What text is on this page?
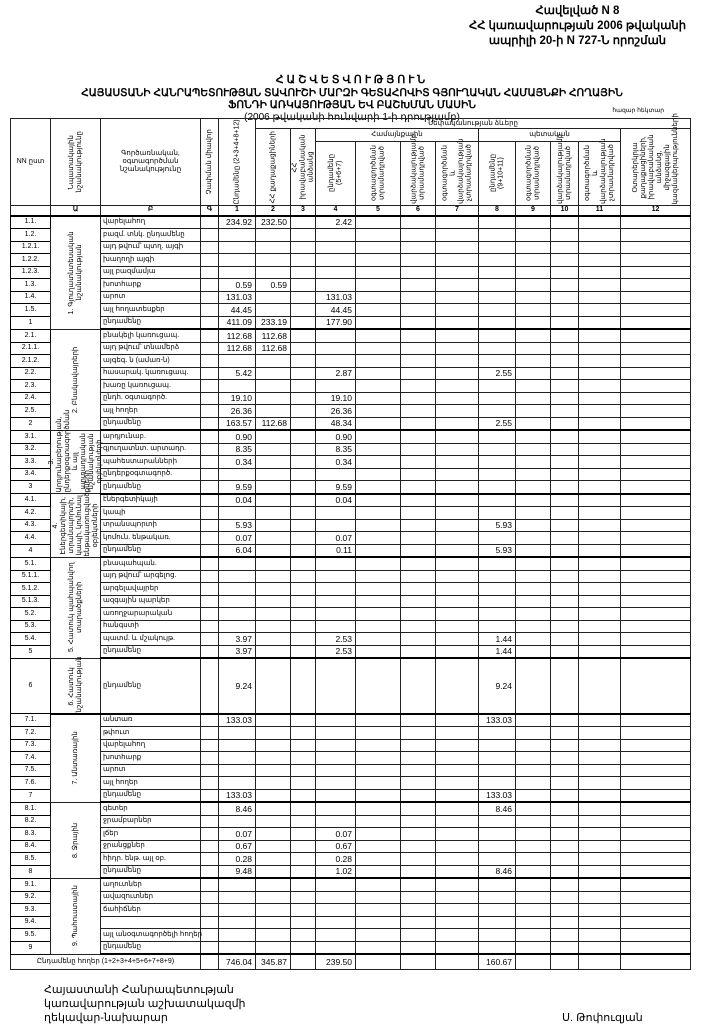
Հավելված N 8
ՀՀ կառավարության 2006 թվականի
ապրիլի 20-ի N 727-Ն որոշման
ՀԱՇՎԵՏՎՈՒԹՅՈՒՆ
ՀԱՅԱՍՏԱՆԻ ՀԱՆՐԱՊԵՏՈՒԹՅԱՆ ՏԱՎՈՒՇԻ ՄԱՐԶԻ ԳԵՏԱՀՈՎԻՏ ԳՅՈՒՂԱԿԱՆ ՀԱՄԱՅՆՔԻ ՀՈՂԱՅԻՆ
ՖՈՆԴԻ ԱՌԿԱՅՈՒԹՅԱՆ ԵՎ ԲԱՇԽՄԱՆ ՄԱՍԻՆ
(2006 թվականի հունվարի 1-ի դրությամբ)
հազար հեկտար
NN ըստ	Նպատակային նշանակությունը	Գործառնական, օգտագործման նշանակությունը	Չափման միավոր	Ընդամենը (2+3+4+8+12)	Սեփականության ձևերը										
					ՀՀ քաղաքացիների	ՀՀ իրավաբանական անձանց	Համայնքային				պետական				Օտարերկրյա քաղաքացիների, իրավաբանական անձանց, միջազգային կազմակերպությունների
							ընդամենը (5+6+7)	օգտագործման տրամադրված	վարձակալությամբ տրամադրված	օգտագործման և վարձակալության չտրամադրված	ընդամենը (9+10+11)	օգտագործման տրամադրված	վարձակալությամբ տրամադրված	օգտագործման և վարձակալության չտրամադրված	
	Ա	Բ	Գ	1	2	3	4	5	6	7	8	9	10	11	12
1.1.	1. Գյուղատնտեսական նշանակության	վարելահող		234.92	232.50		2.42								
1.2.		բազմ. տնկ. ընդամենը													
1.2.1.		այդ թվում՝ պտղ. այգի													
1.2.2.		խաղողի այգի													
1.2.3.		այլ բազմամյա													
1.3.		խոտհարք		0.59	0.59										
1.4.		արոտ		131.03			131.03								
1.5.		այլ հողատեսքեր		44.45			44.45								
1		ընդամենը		411.09	233.19		177.90								
2.1.	2. Բնակավայրերի	բնակելի կառուցապ.		112.68	112.68										
2.1.1.		այդ թվում՝ տնամերձ		112.68	112.68										
2.1.2.		այգեգ. ն (ամառ-ն)													
2.2.		հասարակ. կառուցապ.		5.42			2.87				2.55				
2.3.		խառը կառուցապ.													
2.4.		ընդհ. օգտագործ.		19.10			19.10								
2.5.		այլ հողեր		26.36			26.36								
2		ընդամենը		163.57	112.68		48.34				2.55				
3.1.	3. Արդյունաբերության, ընդերքօգտագործման և այլ արտադրական նշանակության օբյեկտների	արդյունաբ.		0.90			0.90								
3.2.		գյուղատնտ. արտադր.		8.35			8.35								
3.3.		պահեստարանների		0.34			0.34								
3.4.		ընդերքօգտագործ.													
3		ընդամենը		9.59			9.59								
4.1.	4. Էներգետիկայի, տրանսպորտի, կապի, կոմունալ ենթակառուցվածքների օբյեկտների	էներգետիկայի		0.04			0.04								
4.2.		կապի													
4.3.		տրանսպորտի		5.93							5.93				
4.4.		կոմուն. ենթակառ.		0.07			0.07								
4		ընդամենը		6.04			0.11				5.93				
5.1.	5. Հատուկ պահպանվող տարածքների	բնապահպան.													
5.1.1.		այդ թվում՝ արգելոց.													
5.1.2.		արգելավայրեր													
5.1.3.		ազգային պարկեր													
5.2.		առողջարարական													
5.3.		հանգստի													
5.4.		պատմ. և մշակույթ.		3.97			2.53				1.44				
5		ընդամենը		3.97			2.53				1.44				
6	6. Հատուկ նշանակության	ընդամենը		9.24							9.24				
7.1.	7. Անտառային	անտառ		133.03							133.03				
7.2.		թփուտ													
7.3.		վարելահող													
7.4.		խոտհարք													
7.5.		արոտ													
7.6.		այլ հողեր													
7		ընդամենը		133.03							133.03				
8.1.	8. Ջրային	գետեր		8.46							8.46				
8.2.		ջրամբարներ													
8.3.		լճեր		0.07			0.07								
8.4.		ջրանցքներ		0.67			0.67								
8.5.		հիդր. ենթ. այլ օբ.		0.28			0.28								
8		ընդամենը		9.48			1.02				8.46				
9.1.	9. Պահուստային	աղուտներ													
9.2.		ավազուտներ													
9.3.		ճահիճներ													
9.4.															
9.5.		այլ անօգտագործելի հողեր													
9		ընդամենը													
Ընդամենը հողեր (1+2+3+4+5+6+7+8+9)				746.04	345.87		239.50				160.67				
Հայաստանի Հանրապետության
կառավարության աշխատակազմի
ղեկավար-նախարար	Ս. Թոփուզյան
